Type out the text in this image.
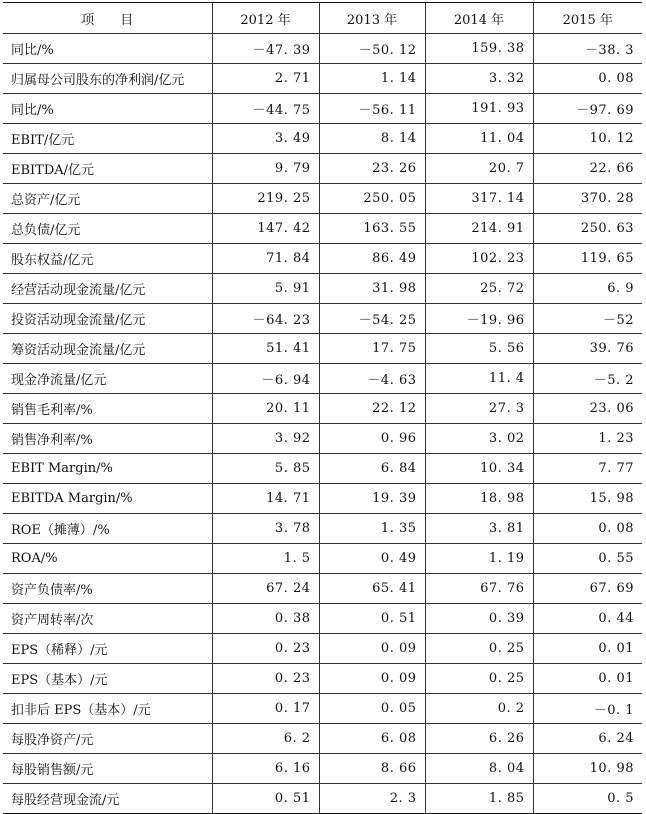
项　　目	2012 年	2013 年	2014 年	2015 年
同比/%	－47. 39	－50. 12	159. 38	－38. 3
归属母公司股东的净利润/亿元	2. 71	1. 14	3. 32	0. 08
同比/%	－44. 75	－56. 11	191. 93	－97. 69
EBIT/亿元	3. 49	8. 14	11. 04	10. 12
EBITDA/亿元	9. 79	23. 26	20. 7	22. 66
总资产/亿元	219. 25	250. 05	317. 14	370. 28
总负债/亿元	147. 42	163. 55	214. 91	250. 63
股东权益/亿元	71. 84	86. 49	102. 23	119. 65
经营活动现金流量/亿元	5. 91	31. 98	25. 72	6. 9
投资活动现金流量/亿元	－64. 23	－54. 25	－19. 96	－52
筹资活动现金流量/亿元	51. 41	17. 75	5. 56	39. 76
现金净流量/亿元	－6. 94	－4. 63	11. 4	－5. 2
销售毛利率/%	20. 11	22. 12	27. 3	23. 06
销售净利率/%	3. 92	0. 96	3. 02	1. 23
EBIT Margin/%	5. 85	6. 84	10. 34	7. 77
EBITDA Margin/%	14. 71	19. 39	18. 98	15. 98
ROE（摊薄）/%	3. 78	1. 35	3. 81	0. 08
ROA/%	1. 5	0. 49	1. 19	0. 55
资产负债率/%	67. 24	65. 41	67. 76	67. 69
资产周转率/次	0. 38	0. 51	0. 39	0. 44
EPS（稀释）/元	0. 23	0. 09	0. 25	0. 01
EPS（基本）/元	0. 23	0. 09	0. 25	0. 01
扣非后 EPS（基本）/元	0. 17	0. 05	0. 2	－0. 1
每股净资产/元	6. 2	6. 08	6. 26	6. 24
每股销售额/元	6. 16	8. 66	8. 04	10. 98
每股经营现金流/元	0. 51	2. 3	1. 85	0. 5
